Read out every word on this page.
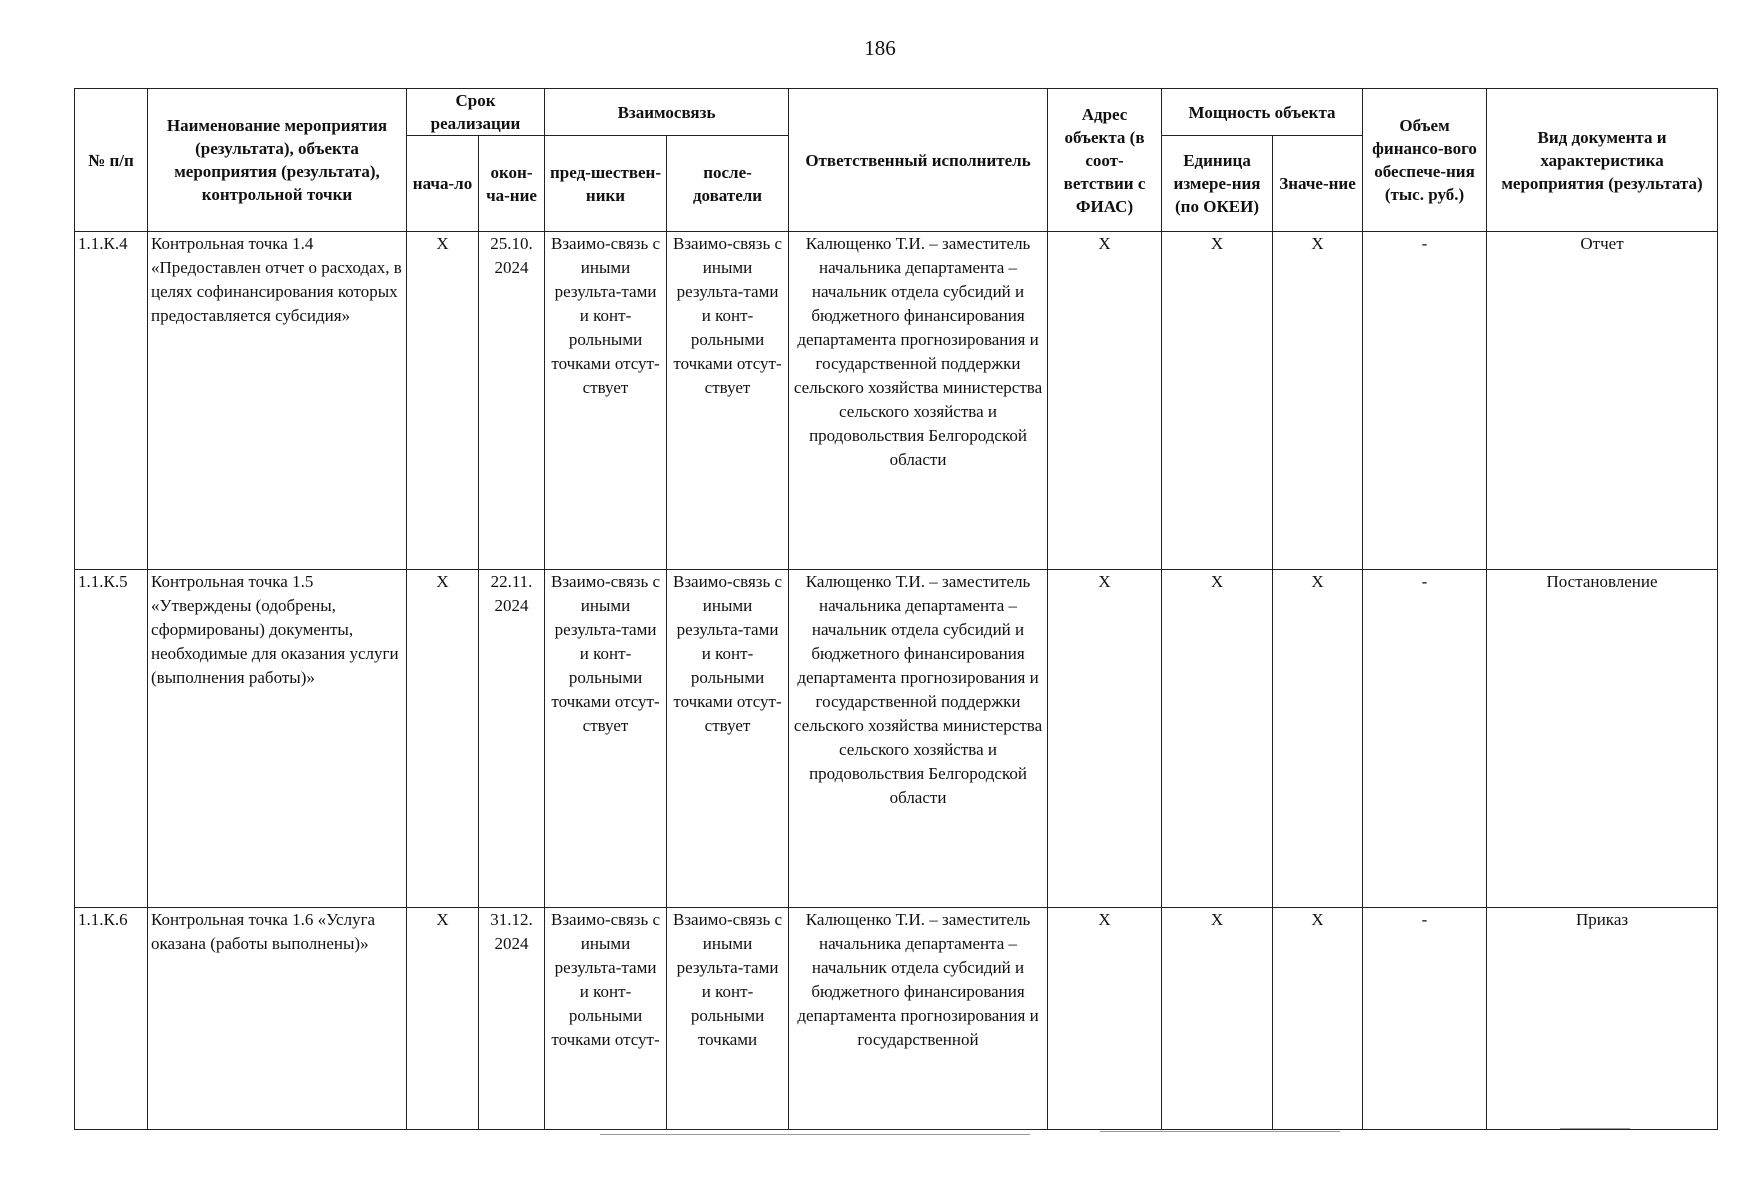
186
№ п/п	Наименование мероприятия (результата), объекта мероприятия (результата), контрольной точки	Срок реализации		Взаимосвязь		Ответственный исполнитель	Адрес объекта (в соот-ветствии с ФИАС)	Мощность объекта		Объем финансо-вого обеспече-ния (тыс. руб.)	Вид документа и характеристика мероприятия (результата)
		нача-ло	окон-ча-ние	пред-шествен-ники	после-дователи			Единица измере-ния (по ОКЕИ)	Значе-ние		
1.1.К.4	Контрольная точка 1.4 «Предоставлен отчет о расходах, в целях софинансирования которых предоставляется субсидия»	X	25.10. 2024	Взаимо-связь с иными результа-тами и конт-рольными точками отсут-ствует	Взаимо-связь с иными результа-тами и конт-рольными точками отсут-ствует	Калющенко Т.И. – заместитель начальника департамента – начальник отдела субсидий и бюджетного финансирования департамента прогнозирования и государственной поддержки сельского хозяйства министерства сельского хозяйства и продовольствия Белгородской области	X	X	X	-	Отчет
1.1.К.5	Контрольная точка 1.5 «Утверждены (одобрены, сформированы) документы, необходимые для оказания услуги (выполнения работы)»	X	22.11. 2024	Взаимо-связь с иными результа-тами и конт-рольными точками отсут-ствует	Взаимо-связь с иными результа-тами и конт-рольными точками отсут-ствует	Калющенко Т.И. – заместитель начальника департамента – начальник отдела субсидий и бюджетного финансирования департамента прогнозирования и государственной поддержки сельского хозяйства министерства сельского хозяйства и продовольствия Белгородской области	X	X	X	-	Постановление
1.1.К.6	Контрольная точка 1.6 «Услуга оказана (работы выполнены)»	X	31.12. 2024	Взаимо-связь с иными результа-тами и конт-рольными точками отсут-	Взаимо-связь с иными результа-тами и конт-рольными точками	Калющенко Т.И. – заместитель начальника департамента – начальник отдела субсидий и бюджетного финансирования департамента прогнозирования и государственной	X	X	X	-	Приказ
